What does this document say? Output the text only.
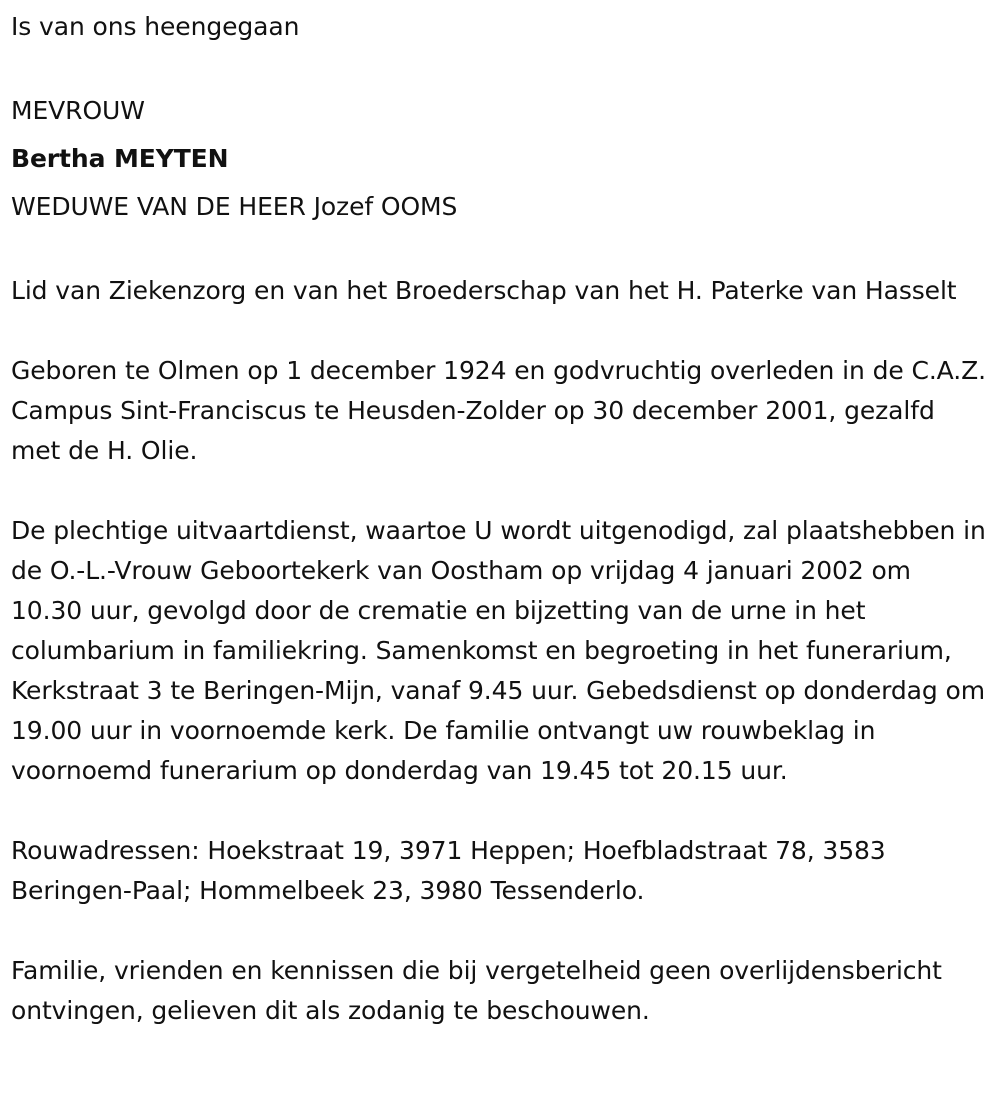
Is van ons heengegaan

MEVROUW

Bertha MEYTEN

WEDUWE VAN DE HEER Jozef OOMS

Lid van Ziekenzorg en van het Broederschap van het H. Paterke van Hasselt

Geboren te Olmen op 1 december 1924 en godvruchtig overleden in de C.A.Z. Campus Sint-Franciscus te Heusden-Zolder op 30 december 2001, gezalfd met de H. Olie.

De plechtige uitvaartdienst, waartoe U wordt uitgenodigd, zal plaatshebben in de O.-L.-Vrouw Geboortekerk van Oostham op vrijdag 4 januari 2002 om 10.30 uur, gevolgd door de crematie en bijzetting van de urne in het columbarium in familiekring. Samenkomst en begroeting in het funerarium, Kerkstraat 3 te Beringen-Mijn, vanaf 9.45 uur. Gebedsdienst op donderdag om 19.00 uur in voornoemde kerk. De familie ontvangt uw rouwbeklag in voornoemd funerarium op donderdag van 19.45 tot 20.15 uur.

Rouwadressen: Hoekstraat 19, 3971 Heppen; Hoefbladstraat 78, 3583 Beringen-Paal; Hommelbeek 23, 3980 Tessenderlo.

Familie, vrienden en kennissen die bij vergetelheid geen overlijdensbericht ontvingen, gelieven dit als zodanig te beschouwen.
